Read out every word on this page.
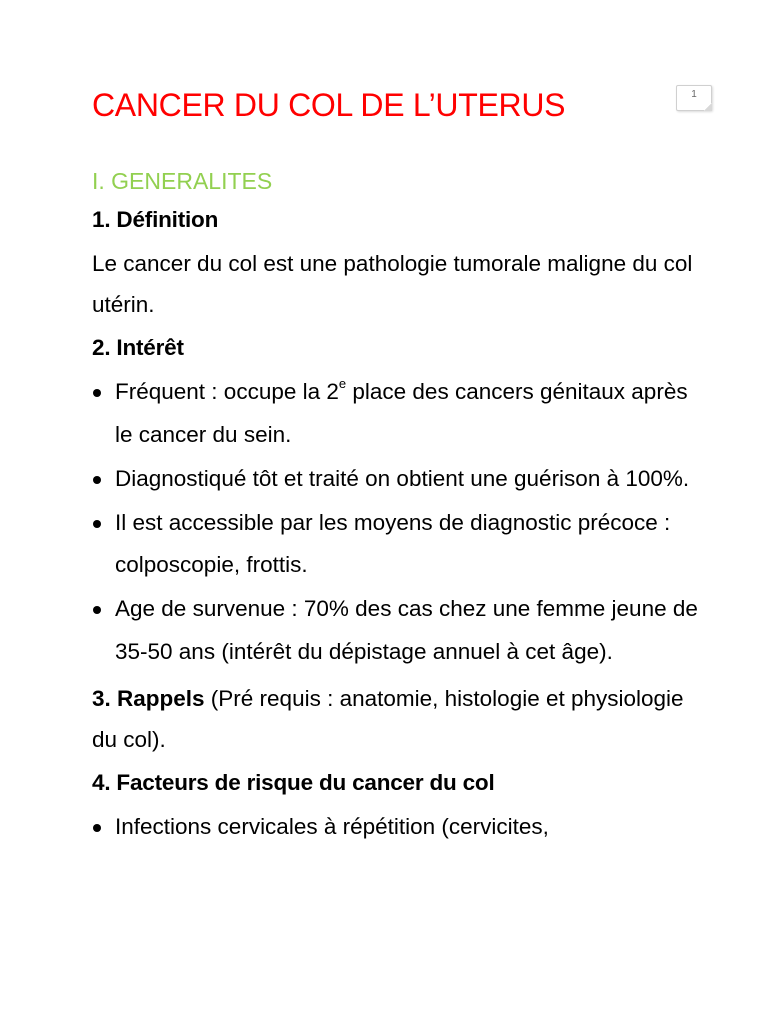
1
CANCER DU COL DE L’UTERUS
I. GENERALITES
1. Définition

Le cancer du col est une pathologie tumorale maligne du col utérin.

2. Intérêt
Fréquent : occupe la 2e place des cancers génitaux après le cancer du sein.
Diagnostiqué tôt et traité on obtient une guérison à 100%.
Il est accessible par les moyens de diagnostic précoce : colposcopie, frottis.
Age de survenue : 70% des cas chez une femme jeune de 35-50 ans (intérêt du dépistage annuel à cet âge).

3. Rappels (Pré requis : anatomie, histologie et physiologie du col).

4. Facteurs de risque du cancer du col
Infections cervicales à répétition (cervicites,
